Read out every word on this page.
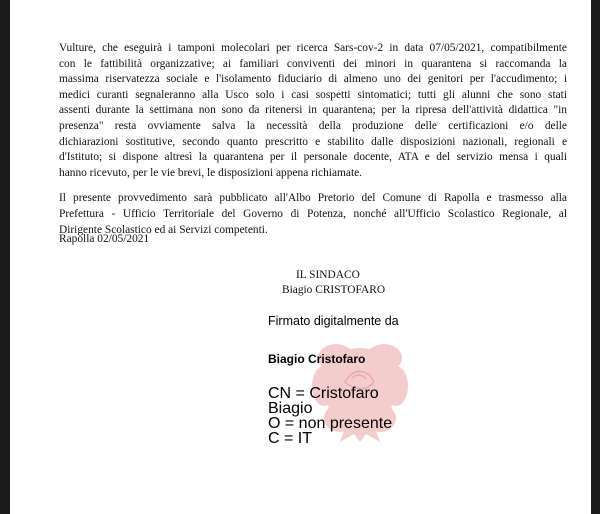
Vulture, che eseguirà i tamponi molecolari per ricerca Sars-cov-2 in data 07/05/2021, compatibilmente
con le fattibilità organizzative; ai familiari conviventi dei minori in quarantena si raccomanda la
massima riservatezza sociale e l'isolamento fiduciario di almeno uno dei genitori per l'accudimento; i
medici curanti segnaleranno alla Usco solo i casi sospetti sintomatici; tutti gli alunni che sono stati
assenti durante la settimana non sono da ritenersi in quarantena; per la ripresa dell'attività didattica "in
presenza" resta ovviamente salva la necessità della produzione delle certificazioni e/o delle
dichiarazioni sostitutive, secondo quanto prescritto e stabilito dalle disposizioni nazionali, regionali e
d'Istituto; si dispone altresì la quarantena per il personale docente, ATA e del servizio mensa i quali
hanno ricevuto, per le vie brevi, le disposizioni appena richiamate.

Il presente provvedimento sarà pubblicato all'Albo Pretorio del Comune di Rapolla e trasmesso alla
Prefettura - Ufficio Territoriale del Governo di Potenza, nonché all'Ufficio Scolastico Regionale, al
Dirigente Scolastico ed ai Servizi competenti.

Rapolla 02/05/2021
IL SINDACO
Biagio CRISTOFARO

Firmato digitalmente da

Biagio Cristofaro
CN = Cristofaro
Biagio
O = non presente
C = IT
